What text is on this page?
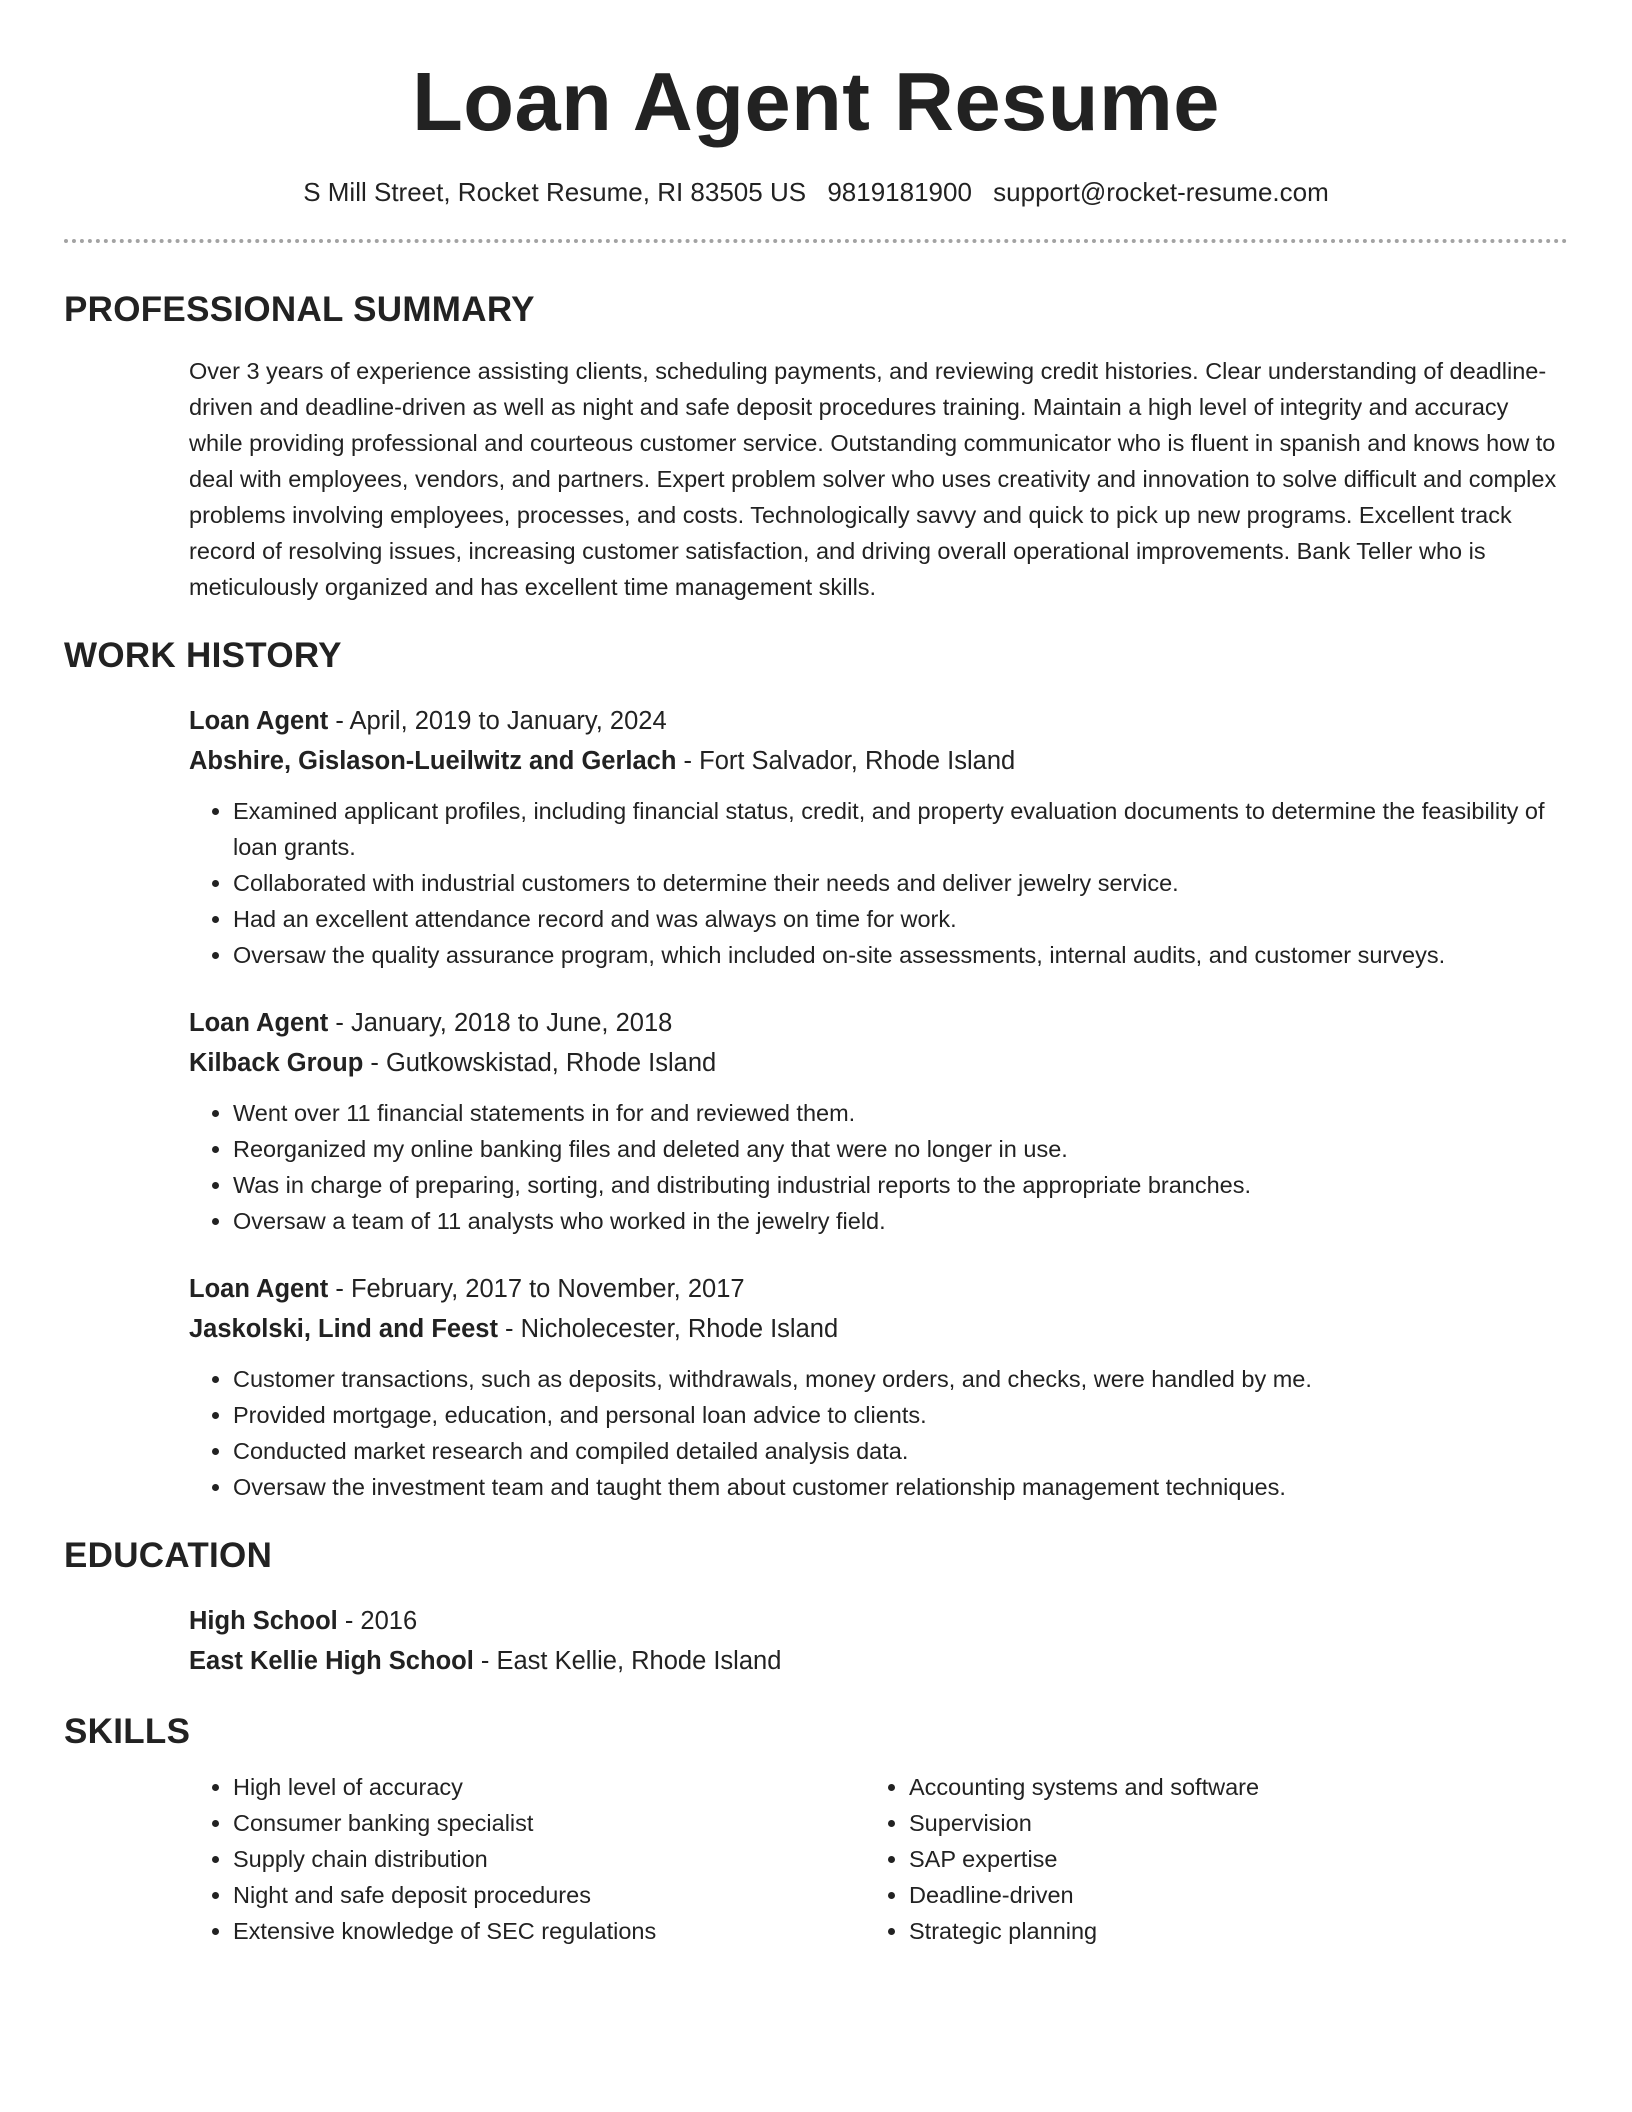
Loan Agent Resume
S Mill Street, Rocket Resume, RI 83505 US 9819181900 support@rocket-resume.com
PROFESSIONAL SUMMARY

Over 3 years of experience assisting clients, scheduling payments, and reviewing credit histories. Clear understanding of deadline-driven and deadline-driven as well as night and safe deposit procedures training. Maintain a high level of integrity and accuracy while providing professional and courteous customer service. Outstanding communicator who is fluent in spanish and knows how to deal with employees, vendors, and partners. Expert problem solver who uses creativity and innovation to solve difficult and complex problems involving employees, processes, and costs. Technologically savvy and quick to pick up new programs. Excellent track record of resolving issues, increasing customer satisfaction, and driving overall operational improvements. Bank Teller who is meticulously organized and has excellent time management skills.

WORK HISTORY
Loan Agent - April, 2019 to January, 2024
Abshire, Gislason-Lueilwitz and Gerlach - Fort Salvador, Rhode Island
• Examined applicant profiles, including financial status, credit, and property evaluation documents to determine the feasibility of loan grants.
• Collaborated with industrial customers to determine their needs and deliver jewelry service.
• Had an excellent attendance record and was always on time for work.
• Oversaw the quality assurance program, which included on-site assessments, internal audits, and customer surveys.
Loan Agent - January, 2018 to June, 2018
Kilback Group - Gutkowskistad, Rhode Island
• Went over 11 financial statements in for and reviewed them.
• Reorganized my online banking files and deleted any that were no longer in use.
• Was in charge of preparing, sorting, and distributing industrial reports to the appropriate branches.
• Oversaw a team of 11 analysts who worked in the jewelry field.
Loan Agent - February, 2017 to November, 2017
Jaskolski, Lind and Feest - Nicholecester, Rhode Island
• Customer transactions, such as deposits, withdrawals, money orders, and checks, were handled by me.
• Provided mortgage, education, and personal loan advice to clients.
• Conducted market research and compiled detailed analysis data.
• Oversaw the investment team and taught them about customer relationship management techniques.
EDUCATION
High School - 2016
East Kellie High School - East Kellie, Rhode Island
SKILLS
• High level of accuracy
• Consumer banking specialist
• Supply chain distribution
• Night and safe deposit procedures
• Extensive knowledge of SEC regulations
• Accounting systems and software
• Supervision
• SAP expertise
• Deadline-driven
• Strategic planning
